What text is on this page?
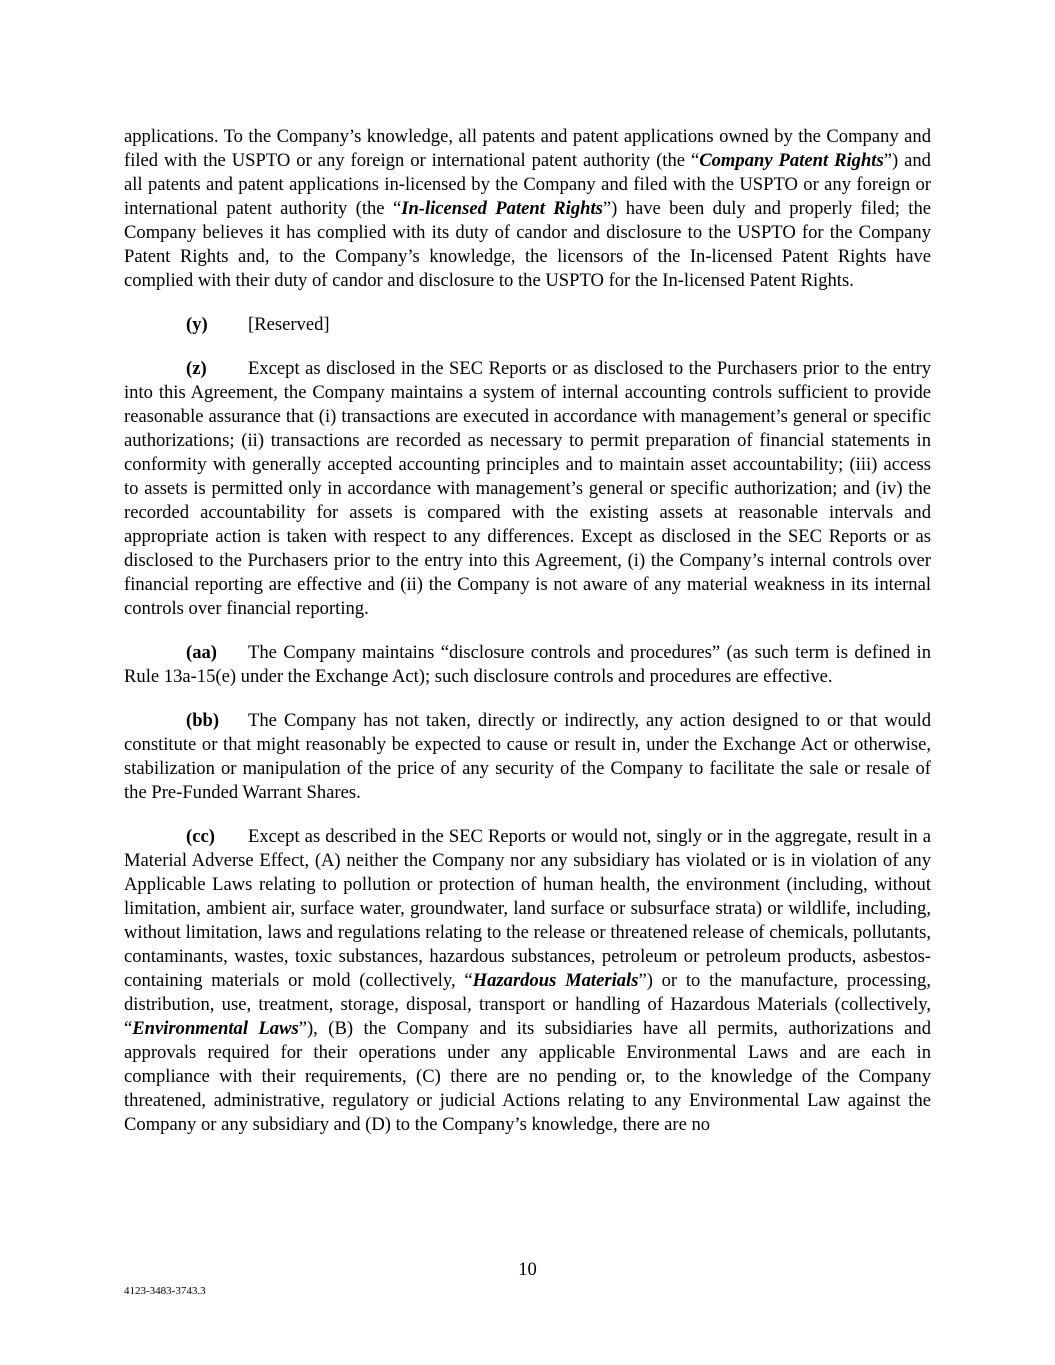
applications. To the Company’s knowledge, all patents and patent applications owned by the Company and filed with the USPTO or any foreign or international patent authority (the “Company Patent Rights”) and all patents and patent applications in-licensed by the Company and filed with the USPTO or any foreign or international patent authority (the “In-licensed Patent Rights”) have been duly and properly filed; the Company believes it has complied with its duty of candor and disclosure to the USPTO for the Company Patent Rights and, to the Company’s knowledge, the licensors of the In-licensed Patent Rights have complied with their duty of candor and disclosure to the USPTO for the In-licensed Patent Rights.

(y) [Reserved]

(z) Except as disclosed in the SEC Reports or as disclosed to the Purchasers prior to the entry into this Agreement, the Company maintains a system of internal accounting controls sufficient to provide reasonable assurance that (i) transactions are executed in accordance with management’s general or specific authorizations; (ii) transactions are recorded as necessary to permit preparation of financial statements in conformity with generally accepted accounting principles and to maintain asset accountability; (iii) access to assets is permitted only in accordance with management’s general or specific authorization; and (iv) the recorded accountability for assets is compared with the existing assets at reasonable intervals and appropriate action is taken with respect to any differences. Except as disclosed in the SEC Reports or as disclosed to the Purchasers prior to the entry into this Agreement, (i) the Company’s internal controls over financial reporting are effective and (ii) the Company is not aware of any material weakness in its internal controls over financial reporting.

(aa) The Company maintains “disclosure controls and procedures” (as such term is defined in Rule 13a-15(e) under the Exchange Act); such disclosure controls and procedures are effective.

(bb) The Company has not taken, directly or indirectly, any action designed to or that would constitute or that might reasonably be expected to cause or result in, under the Exchange Act or otherwise, stabilization or manipulation of the price of any security of the Company to facilitate the sale or resale of the Pre-Funded Warrant Shares.

(cc) Except as described in the SEC Reports or would not, singly or in the aggregate, result in a Material Adverse Effect, (A) neither the Company nor any subsidiary has violated or is in violation of any Applicable Laws relating to pollution or protection of human health, the environment (including, without limitation, ambient air, surface water, groundwater, land surface or subsurface strata) or wildlife, including, without limitation, laws and regulations relating to the release or threatened release of chemicals, pollutants, contaminants, wastes, toxic substances, hazardous substances, petroleum or petroleum products, asbestos-containing materials or mold (collectively, “Hazardous Materials”) or to the manufacture, processing, distribution, use, treatment, storage, disposal, transport or handling of Hazardous Materials (collectively, “Environmental Laws”), (B) the Company and its subsidiaries have all permits, authorizations and approvals required for their operations under any applicable Environmental Laws and are each in compliance with their requirements, (C) there are no pending or, to the knowledge of the Company threatened, administrative, regulatory or judicial Actions relating to any Environmental Law against the Company or any subsidiary and (D) to the Company’s knowledge, there are no

10
4123-3483-3743.3
